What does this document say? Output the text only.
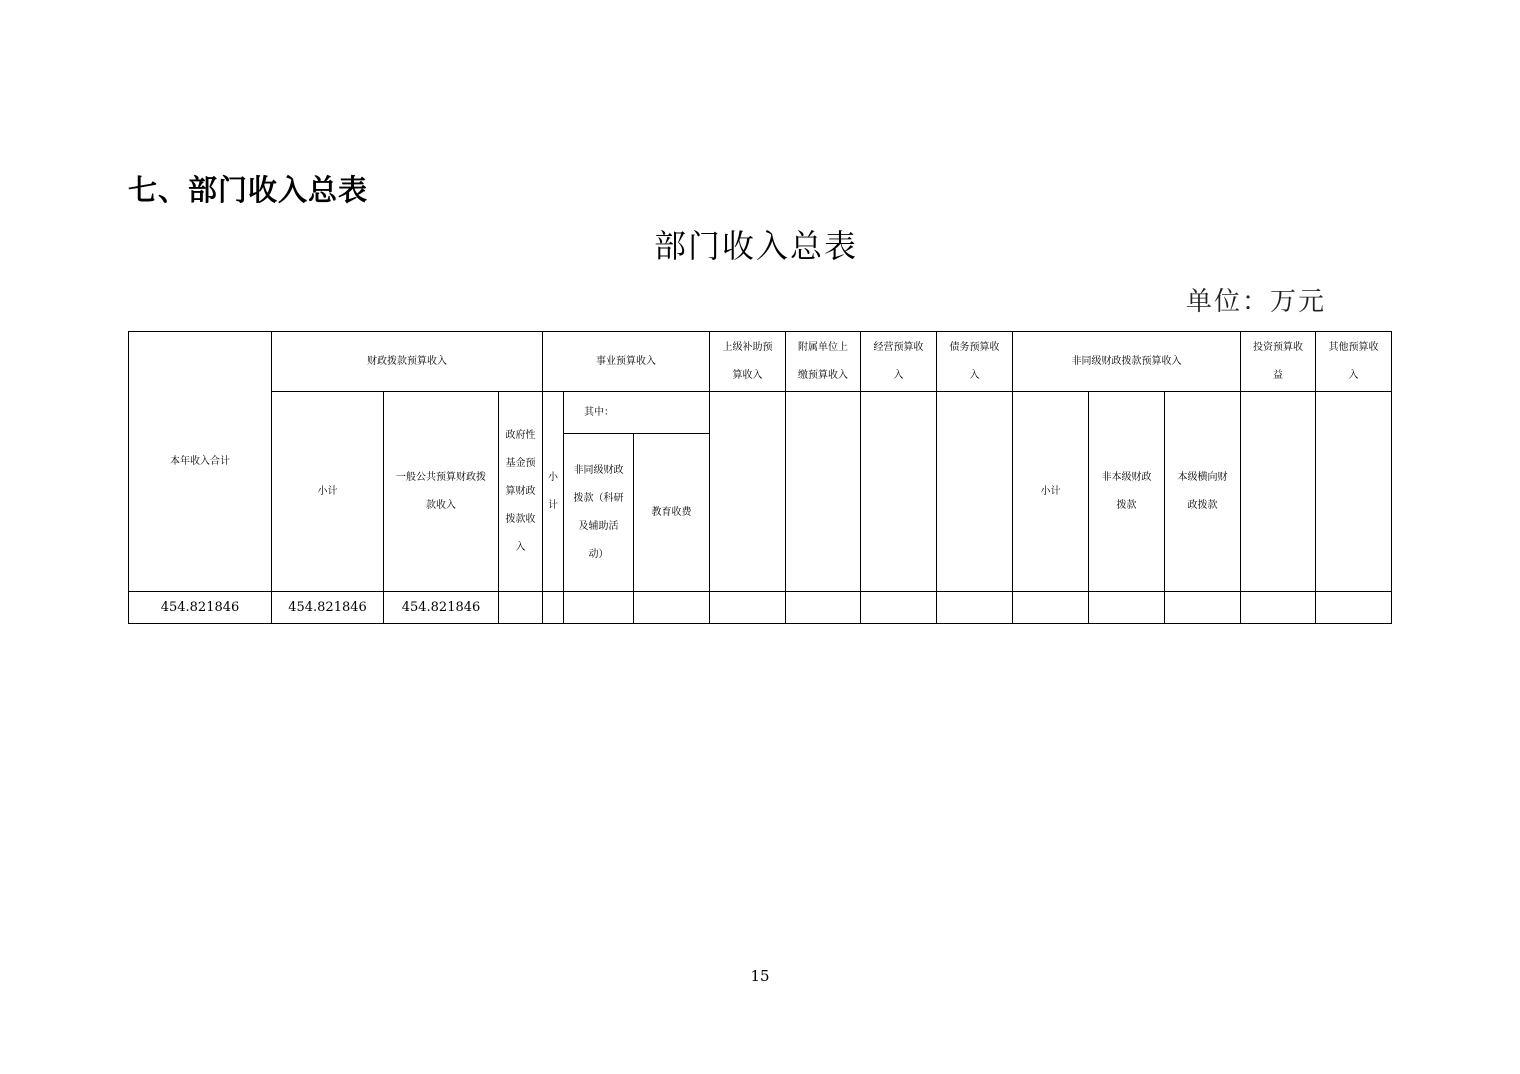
七、部门收入总表
部门收入总表
单位：万元
本年收入合计	财政拨款预算收入			事业预算收入			上级补助预算收入	附属单位上缴预算收入	经营预算收入	债务预算收入	非同级财政拨款预算收入			投资预算收益	其他预算收入
	小计	一般公共预算财政拨款收入	政府性基金预算财政拨款收入	小计	其中：						小计	非本级财政拨款	本级横向财政拨款		
					非同级财政拨款（科研及辅助活动）	教育收费									
454.821846	454.821846	454.821846													
15
